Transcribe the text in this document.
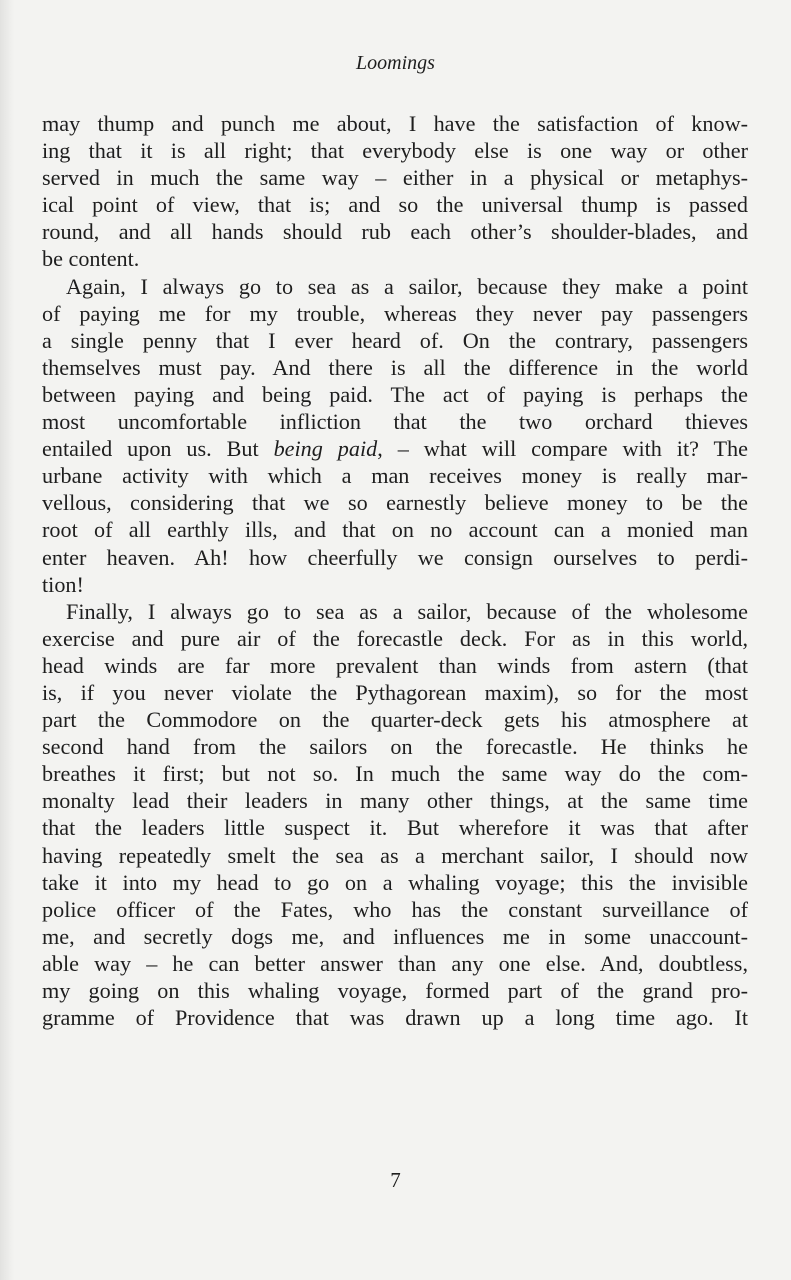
Loomings
may thump and punch me about, I have the satisfaction of know-
ing that it is all right; that everybody else is one way or other
served in much the same way – either in a physical or metaphys-
ical point of view, that is; and so the universal thump is passed
round, and all hands should rub each other’s shoulder-blades, and
be content.
Again, I always go to sea as a sailor, because they make a point
of paying me for my trouble, whereas they never pay passengers
a single penny that I ever heard of. On the contrary, passengers
themselves must pay. And there is all the difference in the world
between paying and being paid. The act of paying is perhaps the
most uncomfortable infliction that the two orchard thieves
entailed upon us. But being paid, – what will compare with it? The
urbane activity with which a man receives money is really mar-
vellous, considering that we so earnestly believe money to be the
root of all earthly ills, and that on no account can a monied man
enter heaven. Ah! how cheerfully we consign ourselves to perdi-
tion!
Finally, I always go to sea as a sailor, because of the wholesome
exercise and pure air of the forecastle deck. For as in this world,
head winds are far more prevalent than winds from astern (that
is, if you never violate the Pythagorean maxim), so for the most
part the Commodore on the quarter-deck gets his atmosphere at
second hand from the sailors on the forecastle. He thinks he
breathes it first; but not so. In much the same way do the com-
monalty lead their leaders in many other things, at the same time
that the leaders little suspect it. But wherefore it was that after
having repeatedly smelt the sea as a merchant sailor, I should now
take it into my head to go on a whaling voyage; this the invisible
police officer of the Fates, who has the constant surveillance of
me, and secretly dogs me, and influences me in some unaccount-
able way – he can better answer than any one else. And, doubtless,
my going on this whaling voyage, formed part of the grand pro-
gramme of Providence that was drawn up a long time ago. It
7
